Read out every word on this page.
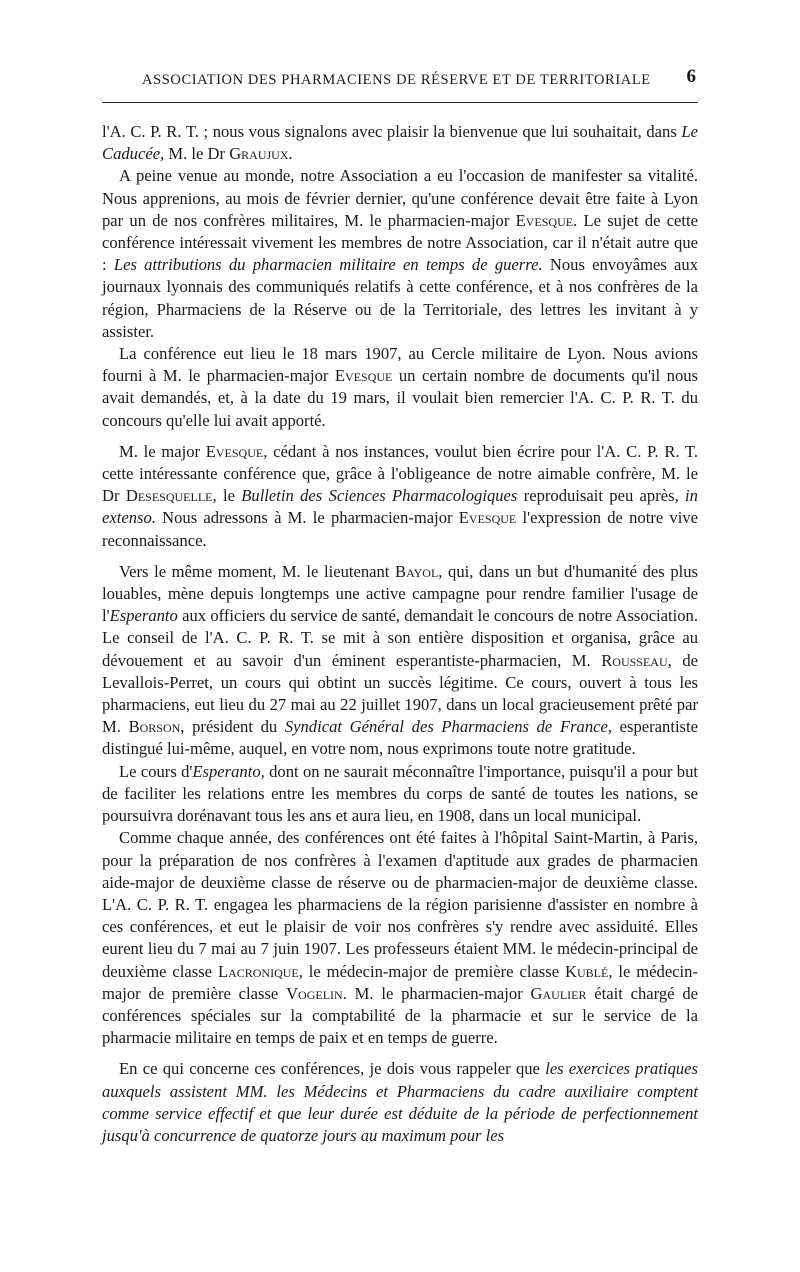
ASSOCIATION DES PHARMACIENS DE RÉSERVE ET DE TERRITORIALE 6

l'A. C. P. R. T. ; nous vous signalons avec plaisir la bienvenue que lui souhaitait, dans Le Caducée, M. le Dr Graujux.

A peine venue au monde, notre Association a eu l'occasion de manifester sa vitalité. Nous apprenions, au mois de février dernier, qu'une conférence devait être faite à Lyon par un de nos confrères militaires, M. le pharmacien-major Evesque. Le sujet de cette conférence intéressait vivement les membres de notre Association, car il n'était autre que : Les attributions du pharmacien militaire en temps de guerre. Nous envoyâmes aux journaux lyonnais des communiqués relatifs à cette conférence, et à nos confrères de la région, Pharmaciens de la Réserve ou de la Territoriale, des lettres les invitant à y assister.

La conférence eut lieu le 18 mars 1907, au Cercle militaire de Lyon. Nous avions fourni à M. le pharmacien-major Evesque un certain nombre de documents qu'il nous avait demandés, et, à la date du 19 mars, il voulait bien remercier l'A. C. P. R. T. du concours qu'elle lui avait apporté.

M. le major Evesque, cédant à nos instances, voulut bien écrire pour l'A. C. P. R. T. cette intéressante conférence que, grâce à l'obligeance de notre aimable confrère, M. le Dr Desesquelle, le Bulletin des Sciences Pharmacologiques reproduisait peu après, in extenso. Nous adressons à M. le pharmacien-major Evesque l'expression de notre vive reconnaissance.

Vers le même moment, M. le lieutenant Bayol, qui, dans un but d'humanité des plus louables, mène depuis longtemps une active campagne pour rendre familier l'usage de l'Esperanto aux officiers du service de santé, demandait le concours de notre Association. Le conseil de l'A. C. P. R. T. se mit à son entière disposition et organisa, grâce au dévouement et au savoir d'un éminent esperantiste-pharmacien, M. Rousseau, de Levallois-Perret, un cours qui obtint un succès légitime. Ce cours, ouvert à tous les pharmaciens, eut lieu du 27 mai au 22 juillet 1907, dans un local gracieusement prêté par M. Borson, président du Syndicat Général des Pharmaciens de France, esperantiste distingué lui-même, auquel, en votre nom, nous exprimons toute notre gratitude.

Le cours d'Esperanto, dont on ne saurait méconnaître l'importance, puisqu'il a pour but de faciliter les relations entre les membres du corps de santé de toutes les nations, se poursuivra dorénavant tous les ans et aura lieu, en 1908, dans un local municipal.

Comme chaque année, des conférences ont été faites à l'hôpital Saint-Martin, à Paris, pour la préparation de nos confrères à l'examen d'aptitude aux grades de pharmacien aide-major de deuxième classe de réserve ou de pharmacien-major de deuxième classe. L'A. C. P. R. T. engagea les pharmaciens de la région parisienne d'assister en nombre à ces conférences, et eut le plaisir de voir nos confrères s'y rendre avec assiduité. Elles eurent lieu du 7 mai au 7 juin 1907. Les professeurs étaient MM. le médecin-principal de deuxième classe Lacronique, le médecin-major de première classe Kublé, le médecin-major de première classe Vogelin. M. le pharmacien-major Gaulier était chargé de conférences spéciales sur la comptabilité de la pharmacie et sur le service de la pharmacie militaire en temps de paix et en temps de guerre.

En ce qui concerne ces conférences, je dois vous rappeler que les exercices pratiques auxquels assistent MM. les Médecins et Pharmaciens du cadre auxiliaire comptent comme service effectif et que leur durée est déduite de la période de perfectionnement jusqu'à concurrence de quatorze jours au maximum pour les
